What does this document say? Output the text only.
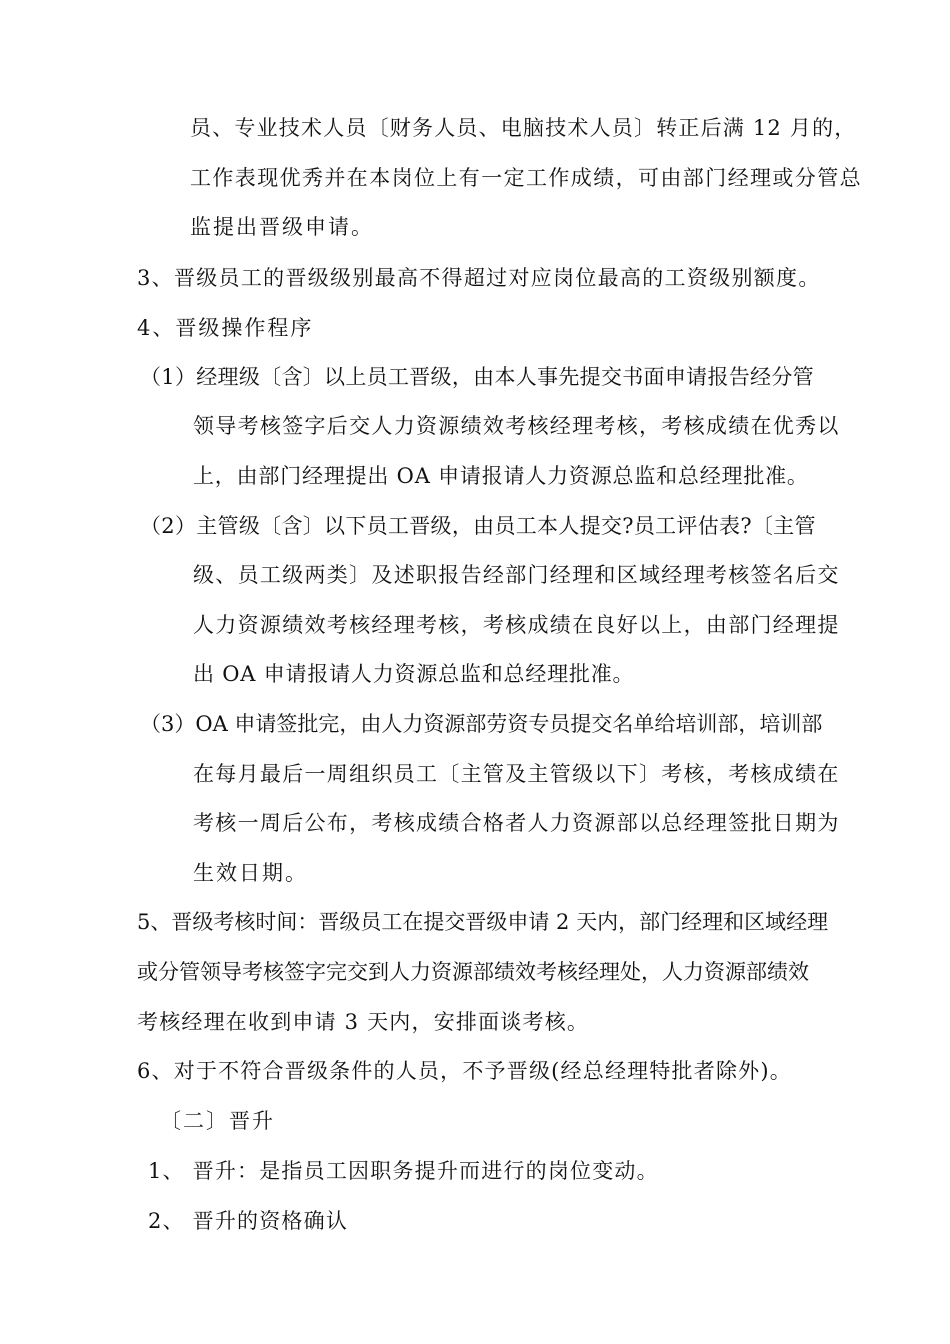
员、专业技术人员〔财务人员、电脑技术人员〕转正后满 12 月的，
工作表现优秀并在本岗位上有一定工作成绩，可由部门经理或分管总
监提出晋级申请。
3、晋级员工的晋级级别最高不得超过对应岗位最高的工资级别额度。
4、晋级操作程序
（1）经理级〔含〕以上员工晋级，由本人事先提交书面申请报告经分管
领导考核签字后交人力资源绩效考核经理考核，考核成绩在优秀以
上，由部门经理提出 OA 申请报请人力资源总监和总经理批准。
（2）主管级〔含〕以下员工晋级，由员工本人提交?员工评估表?〔主管
级、员工级两类〕及述职报告经部门经理和区域经理考核签名后交
人力资源绩效考核经理考核，考核成绩在良好以上，由部门经理提
出 OA 申请报请人力资源总监和总经理批准。
（3）OA 申请签批完，由人力资源部劳资专员提交名单给培训部，培训部
在每月最后一周组织员工〔主管及主管级以下〕考核，考核成绩在
考核一周后公布，考核成绩合格者人力资源部以总经理签批日期为
生效日期。
5、晋级考核时间：晋级员工在提交晋级申请 2 天内，部门经理和区域经理
或分管领导考核签字完交到人力资源部绩效考核经理处，人力资源部绩效
考核经理在收到申请 3 天内，安排面谈考核。
6、对于不符合晋级条件的人员，不予晋级(经总经理特批者除外)。
〔二〕晋升
1、 晋升：是指员工因职务提升而进行的岗位变动。
2、 晋升的资格确认
